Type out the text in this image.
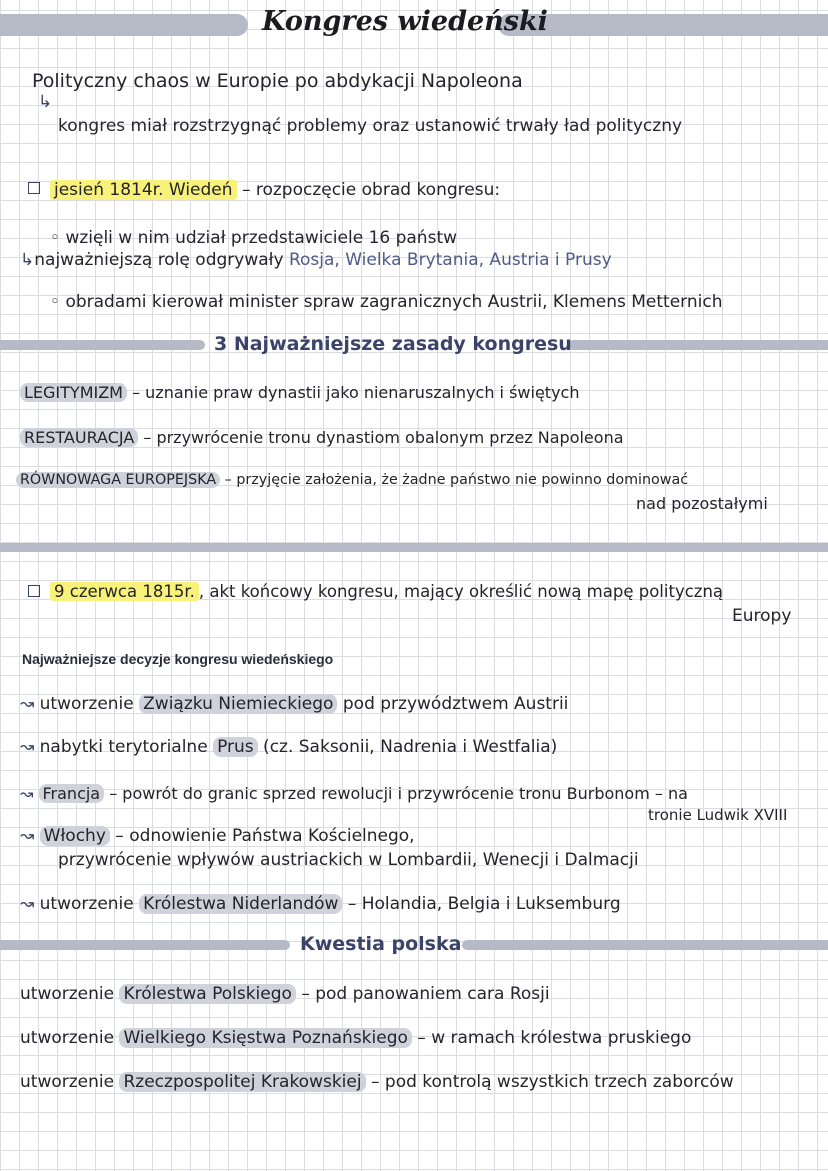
Kongres wiedeński
Polityczny chaos w Europie po abdykacji Napoleona
↳
kongres miał rozstrzygnąć problemy oraz ustanowić trwały ład polityczny
jesień 1814r. Wiedeń – rozpoczęcie obrad kongresu:
◦ wzięli w nim udział przedstawiciele 16 państw
↳najważniejszą rolę odgrywały Rosja, Wielka Brytania, Austria i Prusy
◦ obradami kierował minister spraw zagranicznych Austrii, Klemens Metternich
3 Najważniejsze zasady kongresu
LEGITYMIZM – uznanie praw dynastii jako nienaruszalnych i świętych
RESTAURACJA – przywrócenie tronu dynastiom obalonym przez Napoleona
RÓWNOWAGA EUROPEJSKA – przyjęcie założenia, że żadne państwo nie powinno dominować
nad pozostałymi
9 czerwca 1815r. , akt końcowy kongresu, mający określić nową mapę polityczną
Europy
Najważniejsze decyzje kongresu wiedeńskiego
↝ utworzenie Związku Niemieckiego pod przywództwem Austrii
↝ nabytki terytorialne Prus (cz. Saksonii, Nadrenia i Westfalia)
↝ Francja – powrót do granic sprzed rewolucji i przywrócenie tronu Burbonom – na
tronie Ludwik XVIII
↝ Włochy – odnowienie Państwa Kościelnego,
przywrócenie wpływów austriackich w Lombardii, Wenecji i Dalmacji
↝ utworzenie Królestwa Niderlandów – Holandia, Belgia i Luksemburg
Kwestia polska
utworzenie Królestwa Polskiego – pod panowaniem cara Rosji
utworzenie Wielkiego Księstwa Poznańskiego – w ramach królestwa pruskiego
utworzenie Rzeczpospolitej Krakowskiej – pod kontrolą wszystkich trzech zaborców
